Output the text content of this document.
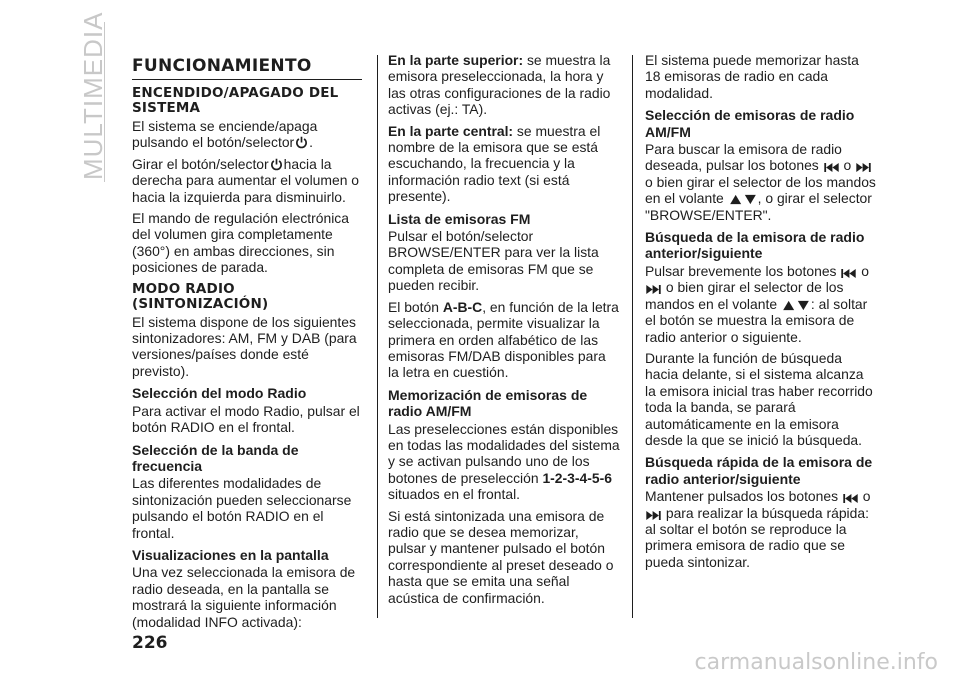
MULTIMEDIA FUNCIONAMIENTO
ENCENDIDO/APAGADO DEL SISTEMA

El sistema se enciende/apaga pulsando el botón/selector .

Girar el botón/selector hacia la derecha para aumentar el volumen o hacia la izquierda para disminuirlo.

El mando de regulación electrónica del volumen gira completamente (360°) en ambas direcciones, sin posiciones de parada.

MODO RADIO (SINTONIZACIÓN)

El sistema dispone de los siguientes sintonizadores: AM, FM y DAB (para versiones/países donde esté previsto).

Selección del modo Radio

Para activar el modo Radio, pulsar el botón RADIO en el frontal.

Selección de la banda de frecuencia

Las diferentes modalidades de sintonización pueden seleccionarse pulsando el botón RADIO en el frontal.

Visualizaciones en la pantalla

Una vez seleccionada la emisora de radio deseada, en la pantalla se mostrará la siguiente información (modalidad INFO activada):

En la parte superior: se muestra la emisora preseleccionada, la hora y las otras configuraciones de la radio activas (ej.: TA).

En la parte central: se muestra el nombre de la emisora que se está escuchando, la frecuencia y la información radio text (si está presente).

Lista de emisoras FM

Pulsar el botón/selector BROWSE/ENTER para ver la lista completa de emisoras FM que se pueden recibir.

El botón A-B-C, en función de la letra seleccionada, permite visualizar la primera en orden alfabético de las emisoras FM/DAB disponibles para la letra en cuestión.

Memorización de emisoras de radio AM/FM

Las preselecciones están disponibles en todas las modalidades del sistema y se activan pulsando uno de los botones de preselección 1-2-3-4-5-6 situados en el frontal.

Si está sintonizada una emisora de radio que se desea memorizar, pulsar y mantener pulsado el botón correspondiente al preset deseado o hasta que se emita una señal acústica de confirmación.

El sistema puede memorizar hasta 18 emisoras de radio en cada modalidad.

Selección de emisoras de radio AM/FM

Para buscar la emisora de radio deseada, pulsar los botones o  o bien girar el selector de los mandos en el volante , o girar el selector "BROWSE/ENTER".

Búsqueda de la emisora de radio anterior/siguiente

Pulsar brevemente los botones o  o bien girar el selector de los mandos en el volante : al soltar el botón se muestra la emisora de radio anterior o siguiente.

Durante la función de búsqueda hacia delante, si el sistema alcanza la emisora inicial tras haber recorrido toda la banda, se parará automáticamente en la emisora desde la que se inició la búsqueda.

Búsqueda rápida de la emisora de radio anterior/siguiente

Mantener pulsados los botones o  para realizar la búsqueda rápida: al soltar el botón se reproduce la primera emisora de radio que se pueda sintonizar.

226
carmanualsonline.info
